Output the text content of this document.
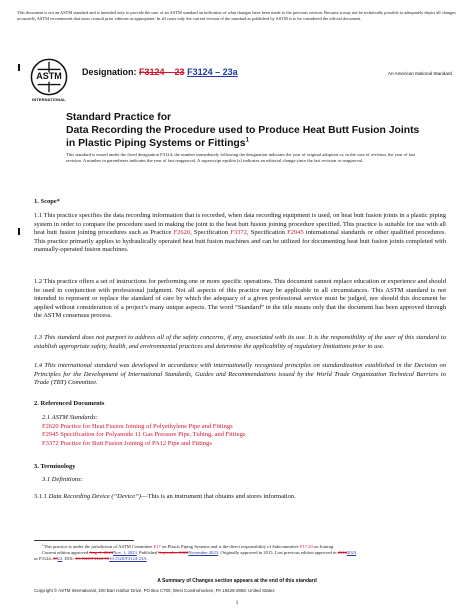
This document is not an ASTM standard and is intended only to provide the user of an ASTM standard an indication of what changes have been made to the previous version. Because it may not be technically possible to adequately depict all changes accurately, ASTM recommends that users consult prior editions as appropriate. In all cases only the current version of the standard as published by ASTM is to be considered the official document.
ASTM
INTERNATIONAL
Designation: F3124 – 23 F3124 – 23a	An American National Standard
Standard Practice for
Data Recording the Procedure used to Produce Heat Butt Fusion Joints in Plastic Piping Systems or Fittings$^1$
This standard is issued under the fixed designation F3124; the number immediately following the designation indicates the year of original adoption or, in the case of revision, the year of last revision. A number in parentheses indicates the year of last reapproval. A superscript epsilon (ε) indicates an editorial change since the last revision or reapproval.
1. Scope*
1.1 This practice specifies the data recording information that is recorded, when data recording equipment is used, on heat butt fusion joints in a plastic piping system in order to compare the procedure used in making the joint to the heat butt fusion joining procedure specified. This practice is suitable for use with all heat butt fusion joining procedures such as Practice F2620, Specification F3372, Specification F2945 international standards or other qualified procedures. This practice primarily applies to hydraulically operated heat butt fusion machines and can be utilized for documenting heat butt fusion joints completed with manually-operated fusion machines.
1.2 This practice offers a set of instructions for performing one or more specific operations. This document cannot replace education or experience and should be used in conjunction with professional judgment. Not all aspects of this practice may be applicable in all circumstances. This ASTM standard is not intended to represent or replace the standard of care by which the adequacy of a given professional service must be judged, nor should this document be applied without consideration of a project’s many unique aspects. The word “Standard” in the title means only that the document has been approved through the ASTM consensus process.
1.3 This standard does not purport to address all of the safety concerns, if any, associated with its use. It is the responsibility of the user of this standard to establish appropriate safety, health, and environmental practices and determine the applicability of regulatory limitations prior to use.
1.4 This international standard was developed in accordance with internationally recognized principles on standardization established in the Decision on Principles for the Development of International Standards, Guides and Recommendations issued by the World Trade Organization Technical Barriers to Trade (TBT) Committee.
2. Referenced Documents
2.1 ASTM Standards:
F2620 Practice for Heat Fusion Joining of Polyethylene Pipe and Fittings
F2945 Specification for Polyamide 11 Gas Pressure Pipe, Tubing, and Fittings
F3372 Practice for Butt Fusion Joining of PA12 Pipe and Fittings
3. Terminology
3.1 Definitions:
3.1.1 Data Recording Device (“Device”)—This is an instrument that obtains and stores information.
$^1$This practice is under the jurisdiction of ASTM Committee F17 on Plastic Piping Systems and is the direct responsibility of Subcommittee F17.20 on Joining.
Current edition approved Aug. 1, 2023Nov. 1, 2023. Published September 2023November 2023. Originally approved in 2015. Last previous edition approved in 20182023
as F3124–1823. DOI: 10.1520/F3124-1810.1520/F3124-23A.
A Summary of Changes section appears at the end of this standard
Copyright © ASTM International, 100 Barr Harbor Drive, PO Box C700, West Conshohocken, PA 19428-2959. United States
1
